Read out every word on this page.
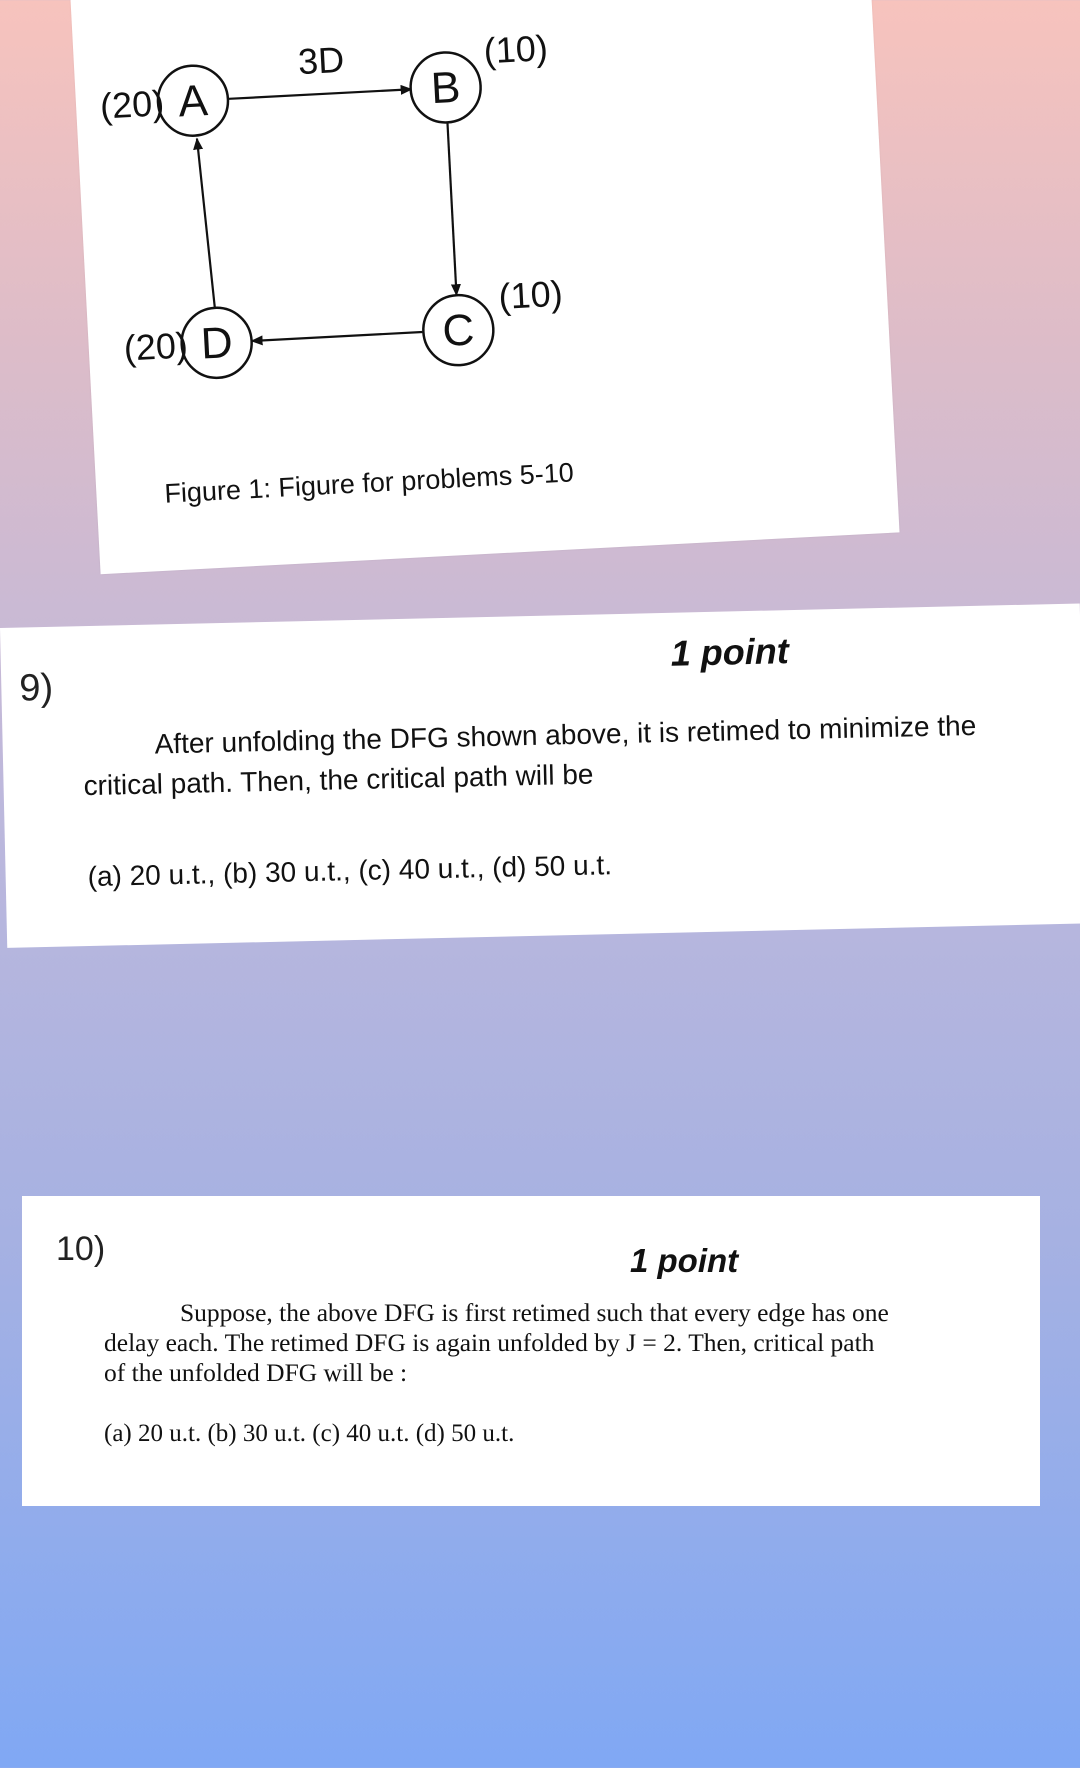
3D
A
(20)	B
(10)
C
(10)
D
(20)
Figure 1: Figure for problems 5-10
9)
1 point
After unfolding the DFG shown above, it is retimed to minimize the
critical path. Then, the critical path will be
(a) 20 u.t., (b) 30 u.t., (c) 40 u.t., (d) 50 u.t.
10)	1 point
Suppose, the above DFG is first retimed such that every edge has one
delay each. The retimed DFG is again unfolded by J = 2. Then, critical path
of the unfolded DFG will be :
(a) 20 u.t. (b) 30 u.t. (c) 40 u.t. (d) 50 u.t.
